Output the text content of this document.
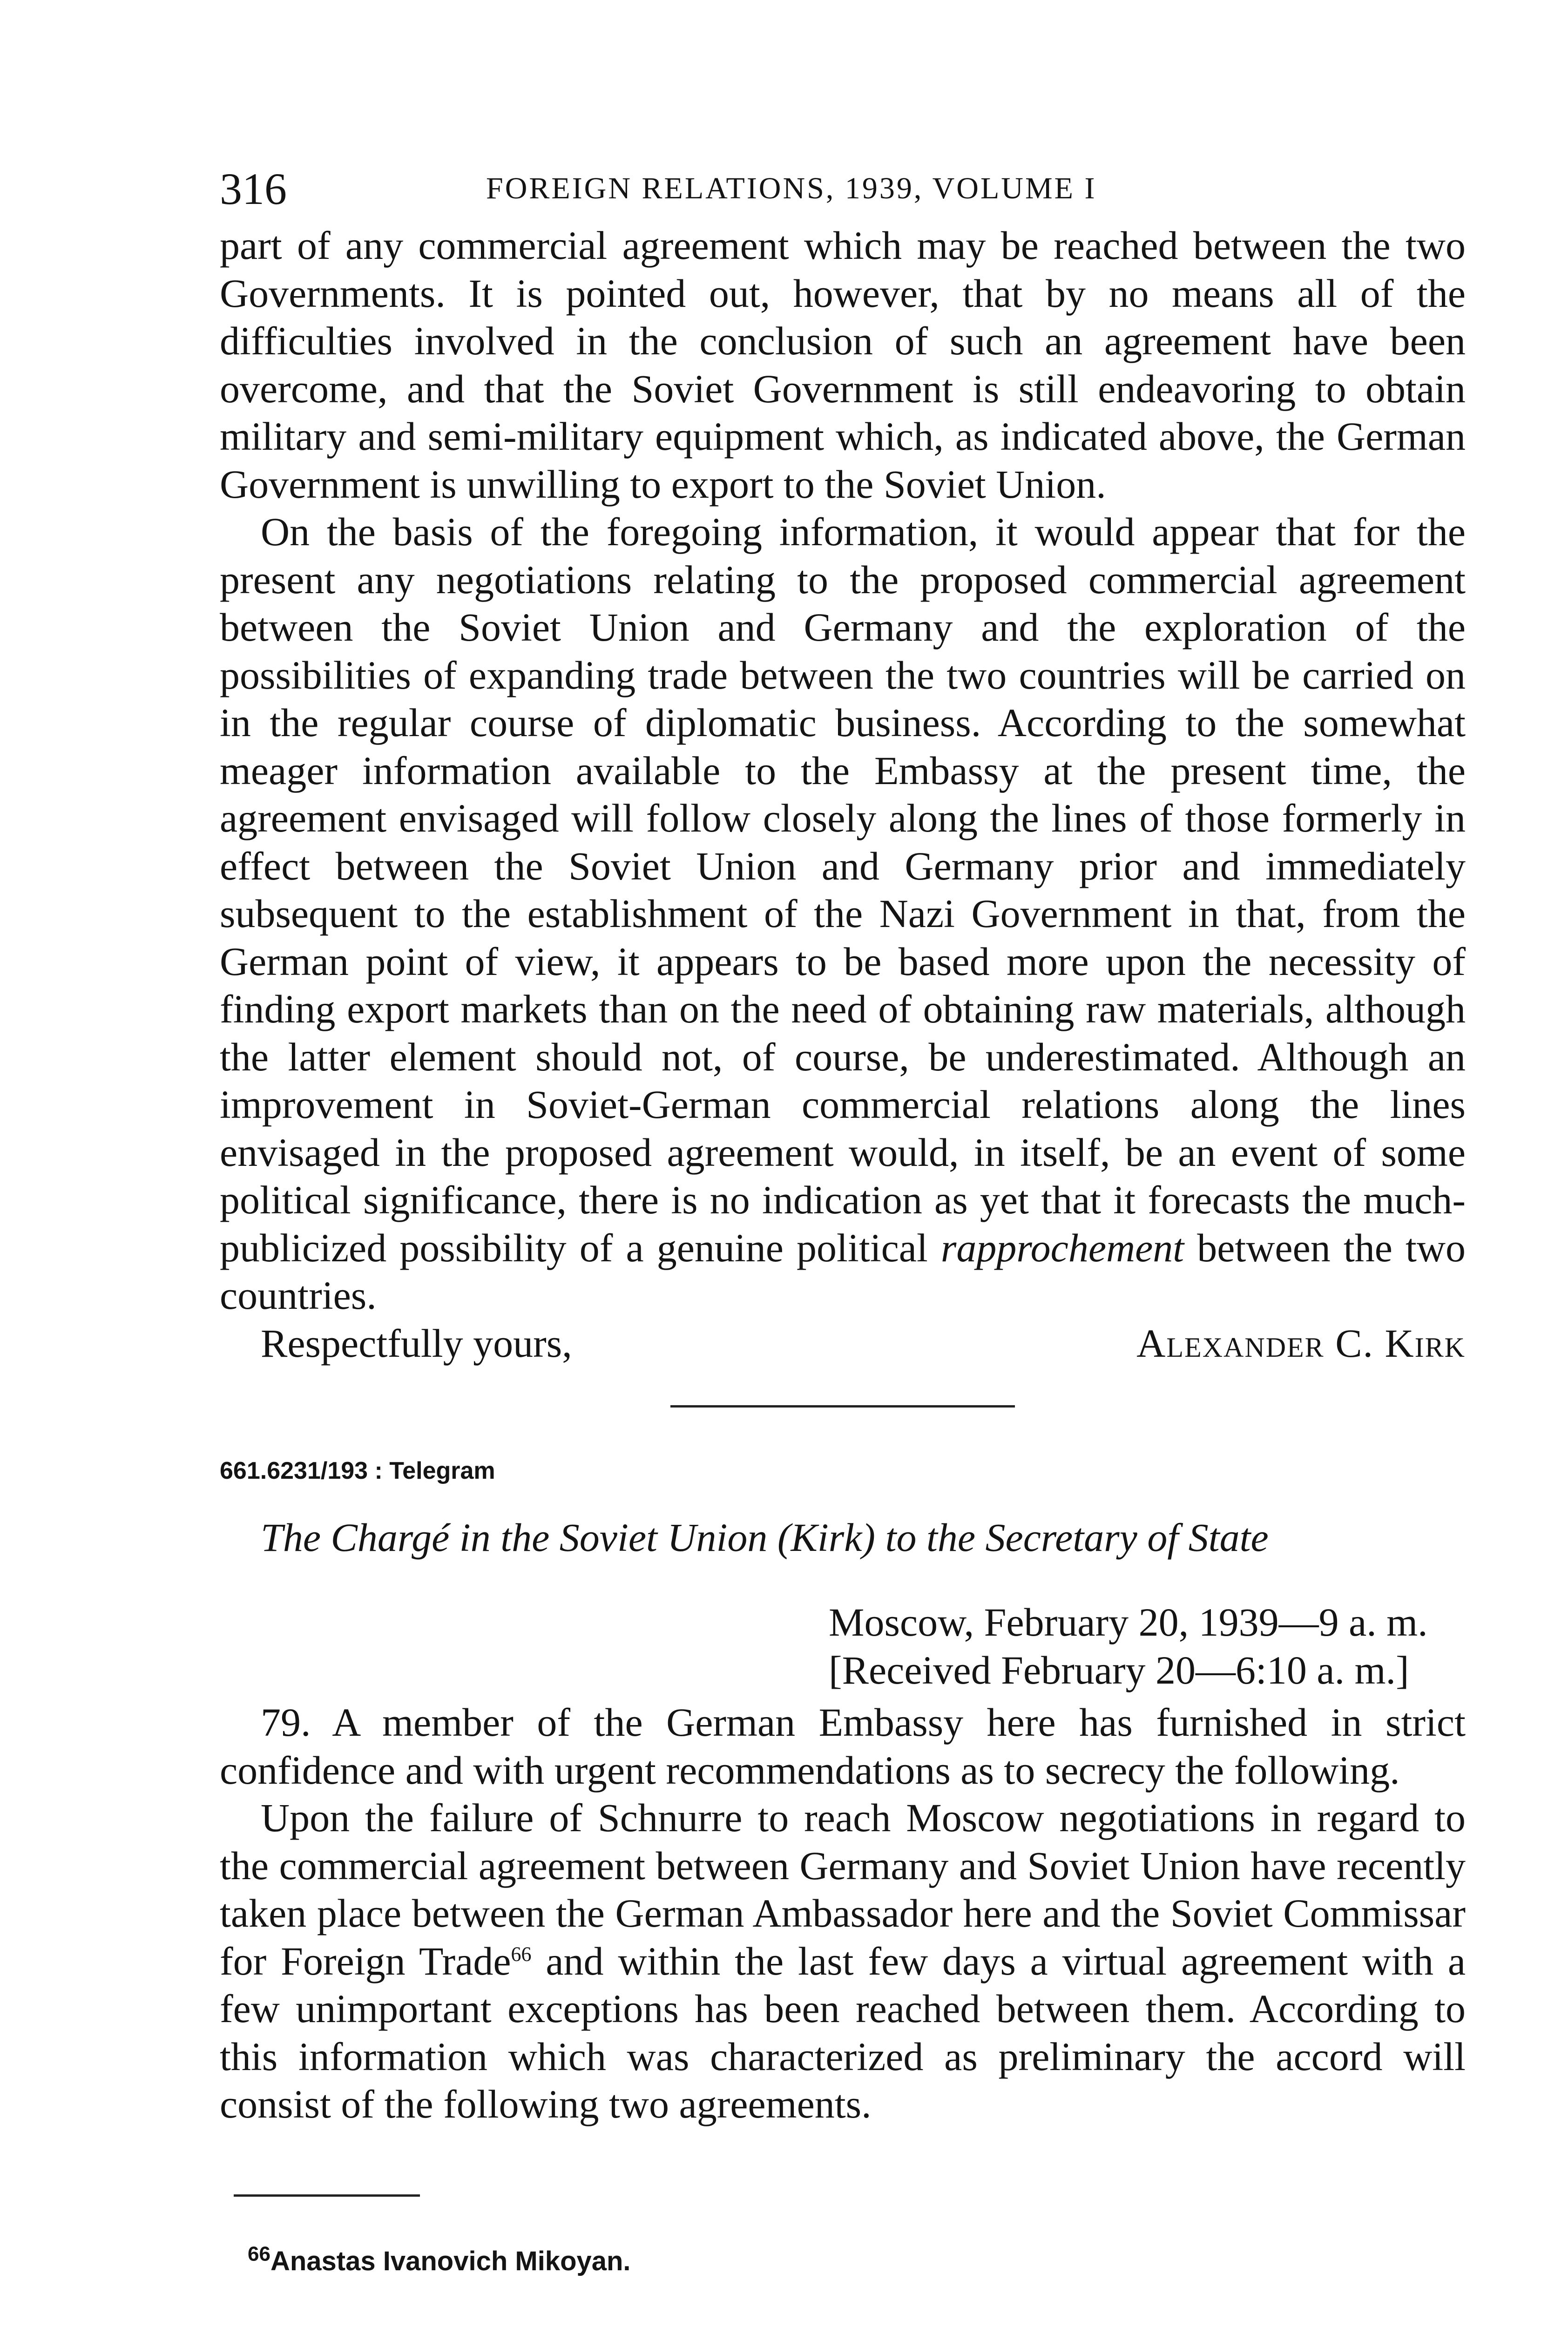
316	FOREIGN RELATIONS, 1939, VOLUME I

part of any commercial agreement which may be reached between the two Governments. It is pointed out, however, that by no means all of the difficulties involved in the conclusion of such an agreement have been overcome, and that the Soviet Government is still endeavoring to obtain military and semi-military equipment which, as indicated above, the German Government is unwilling to export to the Soviet Union.

On the basis of the foregoing information, it would appear that for the present any negotiations relating to the proposed commercial agreement between the Soviet Union and Germany and the exploration of the possibilities of expanding trade between the two countries will be carried on in the regular course of diplomatic business. According to the somewhat meager information available to the Embassy at the present time, the agreement envisaged will follow closely along the lines of those formerly in effect between the Soviet Union and Germany prior and immediately subsequent to the establishment of the Nazi Government in that, from the German point of view, it appears to be based more upon the necessity of finding export markets than on the need of obtaining raw materials, although the latter element should not, of course, be underestimated. Although an improvement in Soviet-German commercial relations along the lines envisaged in the proposed agreement would, in itself, be an event of some political significance, there is no indication as yet that it forecasts the much-publicized possibility of a genuine political rapprochement between the two countries.

Respectfully yours,	Alexander C. Kirk
661.6231/193 : Telegram
The Chargé in the Soviet Union (Kirk) to the Secretary of State
Moscow, February 20, 1939—9 a. m.
[Received February 20—6:10 a. m.]

79. A member of the German Embassy here has furnished in strict confidence and with urgent recommendations as to secrecy the following.

Upon the failure of Schnurre to reach Moscow negotiations in regard to the commercial agreement between Germany and Soviet Union have recently taken place between the German Ambassador here and the Soviet Commissar for Foreign Trade$^{66}$ and within the last few days a virtual agreement with a few unimportant exceptions has been reached between them. According to this information which was characterized as preliminary the accord will consist of the following two agreements.

$^{66}$Anastas Ivanovich Mikoyan.
